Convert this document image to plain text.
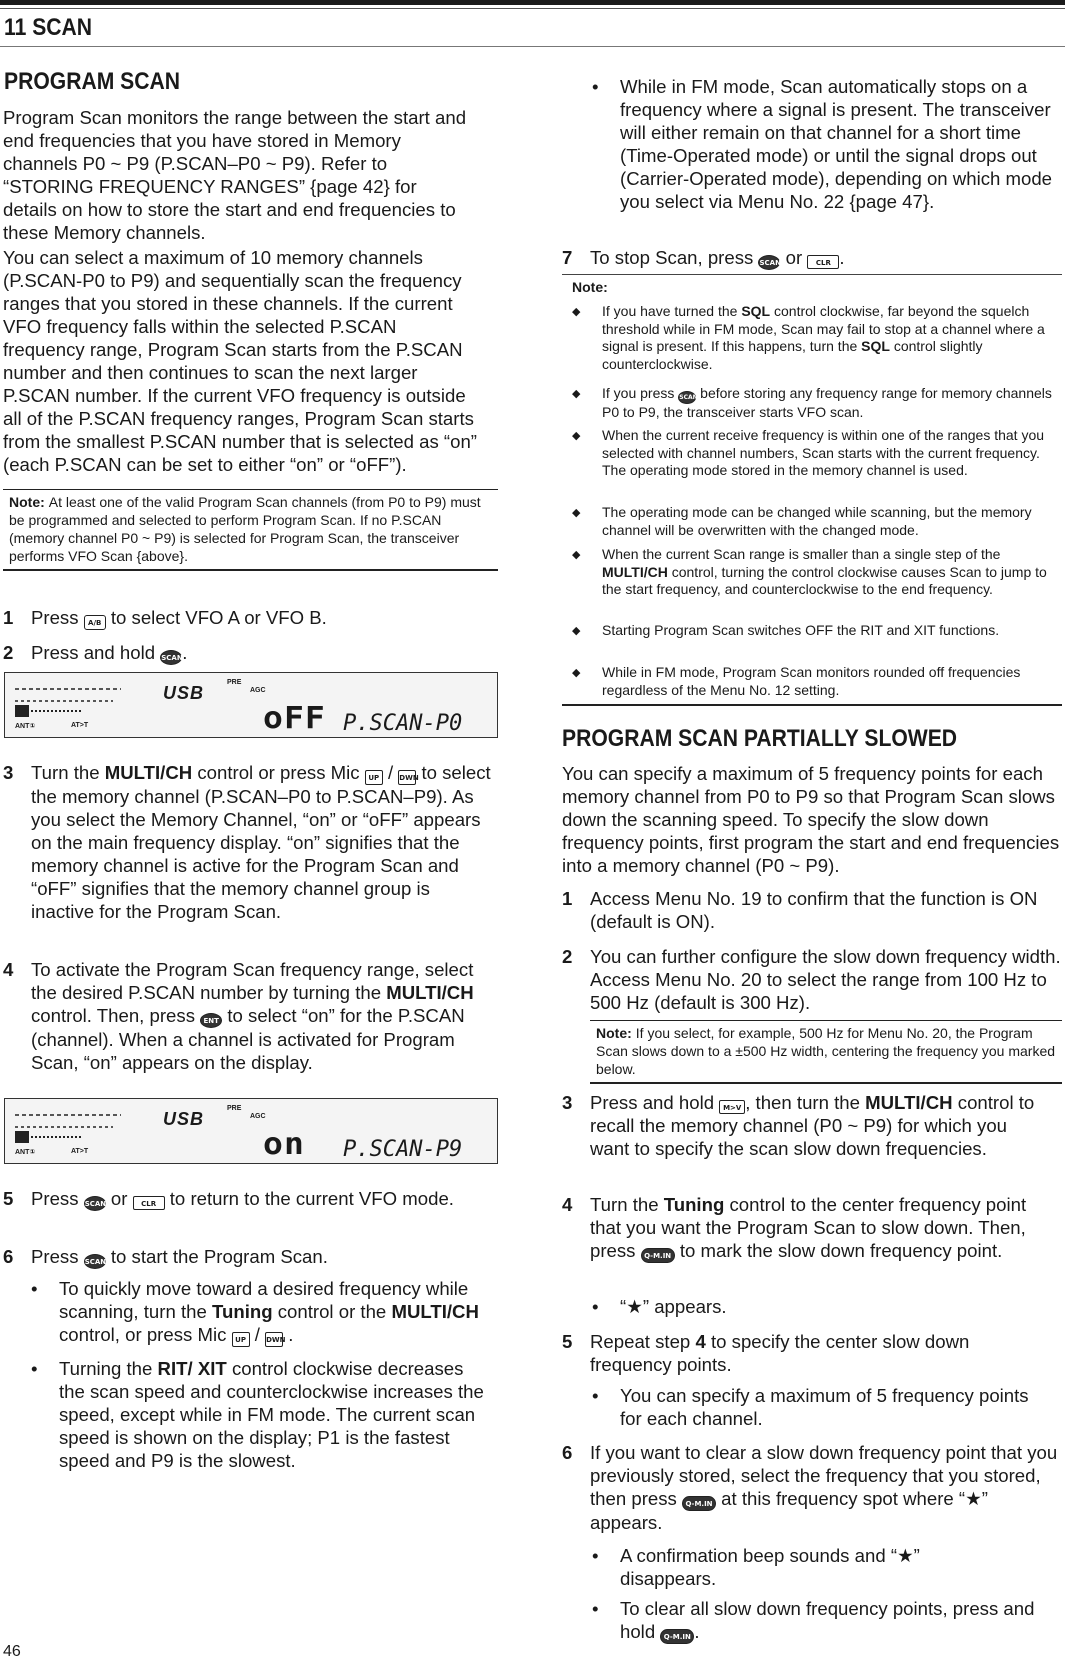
11 SCAN
PROGRAM SCAN
Program Scan monitors the range between the start and end frequencies that you have stored in Memory channels P0 ~ P9 (P.SCAN–P0 ~ P9). Refer to “STORING FREQUENCY RANGES” {page 42} for details on how to store the start and end frequencies to these Memory channels.
You can select a maximum of 10 memory channels (P.SCAN-P0 to P9) and sequentially scan the frequency ranges that you stored in these channels. If the current VFO frequency falls within the selected P.SCAN frequency range, Program Scan starts from the P.SCAN number and then continues to scan the next larger P.SCAN number. If the current VFO frequency is outside all of the P.SCAN frequency ranges, Program Scan starts from the smallest P.SCAN number that is selected as “on” (each P.SCAN can be set to either “on” or “oFF”).
Note: At least one of the valid Program Scan channels (from P0 to P9) must be programmed and selected to perform Program Scan. If no P.SCAN (memory channel P0 ~ P9) is selected for Program Scan, the transceiver performs VFO Scan {above}.
1 Press A/B to select VFO A or VFO B.
2 Press and hold SCAN.
USB
PRE
AGC
ANT①	AT>T	oFF P.SCAN-P0
3 Turn the MULTI/CH control or press Mic UP / DWN to select the memory channel (P.SCAN–P0 to P.SCAN–P9). As you select the Memory Channel, “on” or “oFF” appears on the main frequency display. “on” signifies that the memory channel is active for the Program Scan and “oFF” signifies that the memory channel group is inactive for the Program Scan.
4 To activate the Program Scan frequency range, select the desired P.SCAN number by turning the MULTI/CH control. Then, press ENT to select “on” for the P.SCAN (channel). When a channel is activated for Program Scan, “on” appears on the display.
USB
PRE
AGC
ANT①	AT>T	on P.SCAN-P9
5 Press SCAN or CLR to return to the current VFO mode.
6 Press SCAN to start the Program Scan.
• To quickly move toward a desired frequency while scanning, turn the Tuning control or the MULTI/CH control, or press Mic UP / DWN .
• Turning the RIT/ XIT control clockwise decreases the scan speed and counterclockwise increases the speed, except while in FM mode. The current scan speed is shown on the display; P1 is the fastest speed and P9 is the slowest.
46
• While in FM mode, Scan automatically stops on a frequency where a signal is present. The transceiver will either remain on that channel for a short time (Time-Operated mode) or until the signal drops out (Carrier-Operated mode), depending on which mode you select via Menu No. 22 {page 47}.
7 To stop Scan, press SCAN or CLR .
Note:
◆ If you have turned the SQL control clockwise, far beyond the squelch threshold while in FM mode, Scan may fail to stop at a channel where a signal is present. If this happens, turn the SQL control slightly counterclockwise.
◆ If you press SCAN before storing any frequency range for memory channels P0 to P9, the transceiver starts VFO scan.
◆ When the current receive frequency is within one of the ranges that you selected with channel numbers, Scan starts with the current frequency. The operating mode stored in the memory channel is used.
◆ The operating mode can be changed while scanning, but the memory channel will be overwritten with the changed mode.
◆ When the current Scan range is smaller than a single step of the MULTI/CH control, turning the control clockwise causes Scan to jump to the start frequency, and counterclockwise to the end frequency.
◆ Starting Program Scan switches OFF the RIT and XIT functions.
◆ While in FM mode, Program Scan monitors rounded off frequencies regardless of the Menu No. 12 setting.
PROGRAM SCAN PARTIALLY SLOWED
You can specify a maximum of 5 frequency points for each memory channel from P0 to P9 so that Program Scan slows down the scanning speed. To specify the slow down frequency points, first program the start and end frequencies into a memory channel (P0 ~ P9).
1 Access Menu No. 19 to confirm that the function is ON (default is ON).
2 You can further configure the slow down frequency width. Access Menu No. 20 to select the range from 100 Hz to 500 Hz (default is 300 Hz).
Note: If you select, for example, 500 Hz for Menu No. 20, the Program Scan slows down to a ±500 Hz width, centering the frequency you marked below.
3 Press and hold M>V , then turn the MULTI/CH control to recall the memory channel (P0 ~ P9) for which you want to specify the scan slow down frequencies.
4 Turn the Tuning control to the center frequency point that you want the Program Scan to slow down. Then, press Q-M.IN to mark the slow down frequency point.
• “★” appears.
5 Repeat step 4 to specify the center slow down frequency points.
• You can specify a maximum of 5 frequency points for each channel.
6 If you want to clear a slow down frequency point that you previously stored, select the frequency that you stored, then press Q-M.IN at this frequency spot where “★” appears.
• A confirmation beep sounds and “★” disappears.
• To clear all slow down frequency points, press and hold Q-M.IN .
